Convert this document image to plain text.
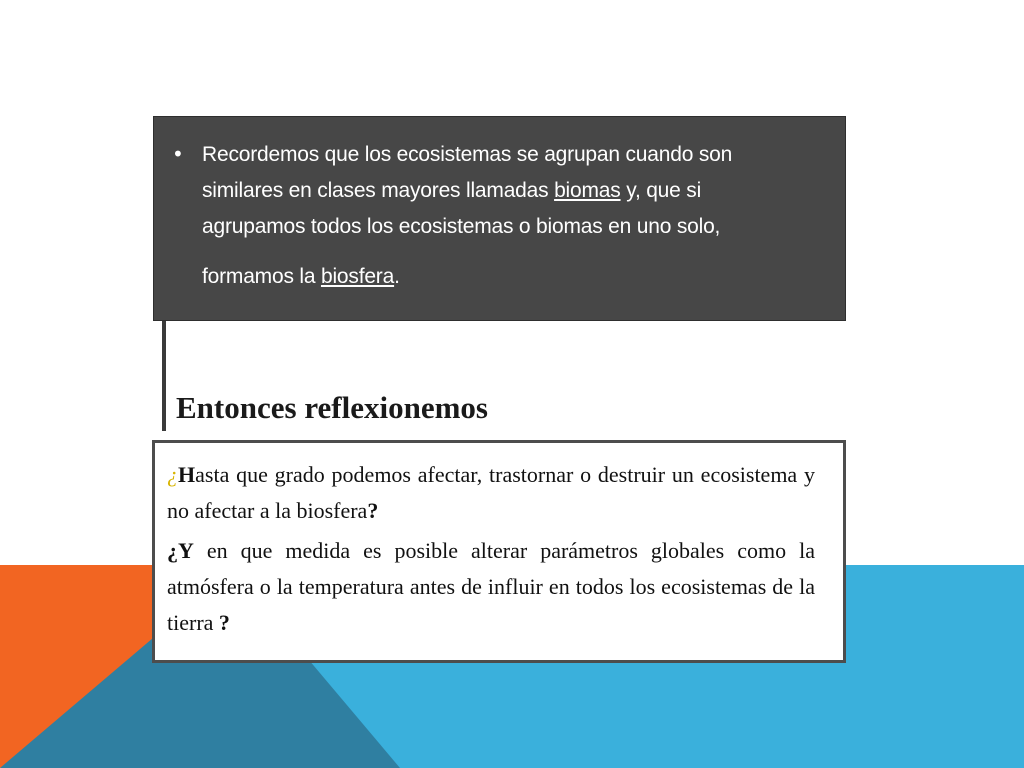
• Recordemos que los ecosistemas se agrupan cuando son
similares en clases mayores llamadas biomas y, que si
agrupamos todos los ecosistemas o biomas en uno solo,
formamos la biosfera.
Entonces reflexionemos

¿Hasta que grado podemos afectar, trastornar o destruir un ecosistema y no afectar a la biosfera?

¿Y en que medida es posible alterar parámetros globales como la atmósfera o la temperatura antes de influir en todos los ecosistemas de la tierra ?
